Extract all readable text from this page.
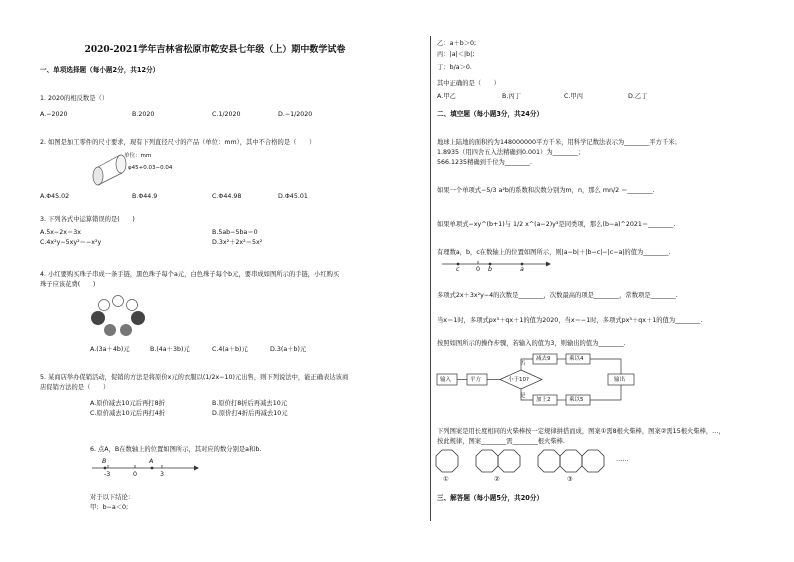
2020-2021学年吉林省松原市乾安县七年级（上）期中数学试卷
一、单项选择题（每小题2分，共12分）
1. 2020的相反数是（）
A.−2020	B.2020	C.1/2020	D.−1/2020
2. 如图是加工零件的尺寸要求，现有下列直径尺寸的产品（单位：mm），其中不合格的是（　　）
单位：mm
φ45+0.03−0.04
A.Φ45.02	B.Φ44.9	C.Φ44.98	D.Φ45.01
3. 下列各式中运算错误的是(　　)
A.5x−2x＝3x	B.5ab−5ba＝0
C.4x²y−5xy²＝−x²y	D.3x²＋2x²＝5x²
4. 小红要购买珠子串成一条手链，黑色珠子每个a元，白色珠子每个b元，要串成如图所示的手链，小红购买
珠子应该花费(　　)
A.(3a＋4b)元	B.(4a＋3b)元	C.4(a＋b)元	D.3(a＋b)元
5. 某商店举办促销活动，促销的方法是将原价x元的衣服以(1/2x−10)元出售，则下列说法中，能正确表达该商
店促销方法的是（　　）
A.原价减去10元后再打8折	B.原价打8折后再减去10元
C.原价减去10元后再打4折	D.原价打4折后再减去10元
6. 点A，B在数轴上的位置如图所示，其对应的数分别是a和b.
B	A
-3	0	3
对于以下结论：
甲：b−a＜0;
乙：a＋b＞0;
丙：|a|＜|b|;
丁：b/a＞0.
其中正确的是（　　）
A.甲乙	B.丙丁	C.甲丙	D.乙丁
二、填空题（每小题3分，共24分）
地球上陆地的面积约为148000000平方千米，用科学记数法表示为________平方千米；
1.8935（用四舍五入法精确到0.001）为________；
566.1235精确到千位为________.
如果一个单项式−5/3 a²b的系数和次数分别为m，n，那么 mn/2 ＝________.
如果单项式−xy^(b+1)与 1/2 x^(a−2)y³是同类项，那么(b−a)^2021＝________.
有理数a，b，c在数轴上的位置如图所示，则|a−b|＋|b−c|−|c−a|的值为________.
c	0 b	a
多项式2x＋3x²y−4的次数是________，次数最高的项是________，常数项是________.
当x＝1时，多项式px³＋qx＋1的值为2020，当x＝−1时，多项式px³＋qx＋1的值为________.
按照如图所示的操作步骤，若输入的值为3，则输出的值为________.
输入	平方	小于10?
否
是
减去9	乘以4
加上2	乘以5
输出
下列图案是用长度相同的火柴棒按一定规律拼搭而成，图案①需8根火柴棒，图案②需15根火柴棒，…，
按此规律，图案________需________根火柴棒.
①	②	③
……
三、解答题（每小题5分，共20分）
